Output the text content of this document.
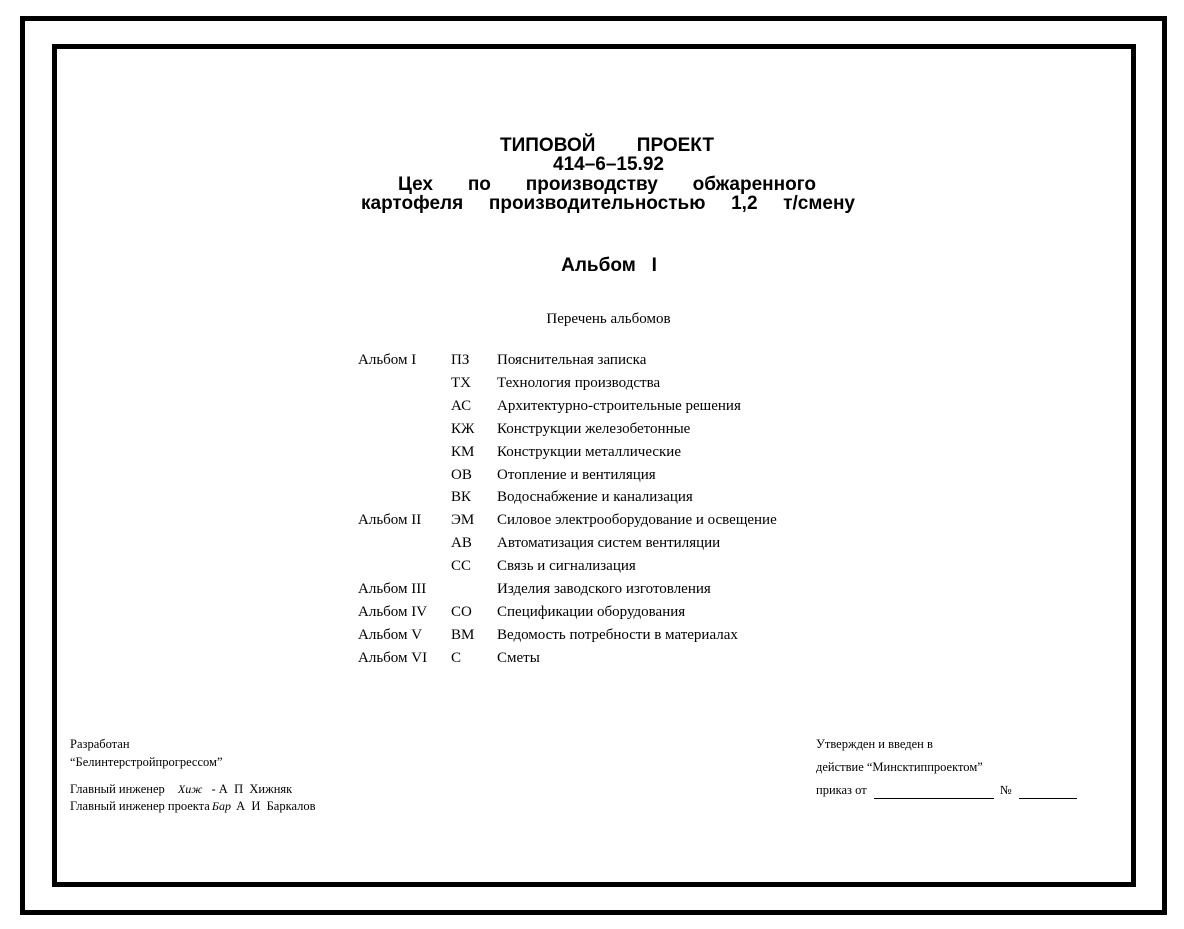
ТИПОВОЙ ПРОЕКТ
414–6–15.92
Цех по производству обжаренного
картофеля производительностью 1,2 т/смену
Альбом   I
Перечень альбомов
Альбом I ПЗ Пояснительная записка
ТХ Технология производства
АС Архитектурно-строительные решения
КЖ Конструкции железобетонные
КМ Конструкции металлические
ОВ Отопление и вентиляция
ВК Водоснабжение и канализация
Альбом II ЭМ Силовое электрооборудование и освещение
АВ Автоматизация систем вентиляции
СС Связь и сигнализация
Альбом III	Изделия заводского изготовления
Альбом IV СО Спецификации оборудования
Альбом V ВМ Ведомость потребности в материалах
Альбом VI С Сметы
Разработан
“Белинтерстройпрогрессом”
Главный инженер Хиж - А  П  Хижняк
Главный инженер проекта Бар А  И  Баркалов
Утвержден и введен в
действие “Минсктиппроектом”
приказ от	№
